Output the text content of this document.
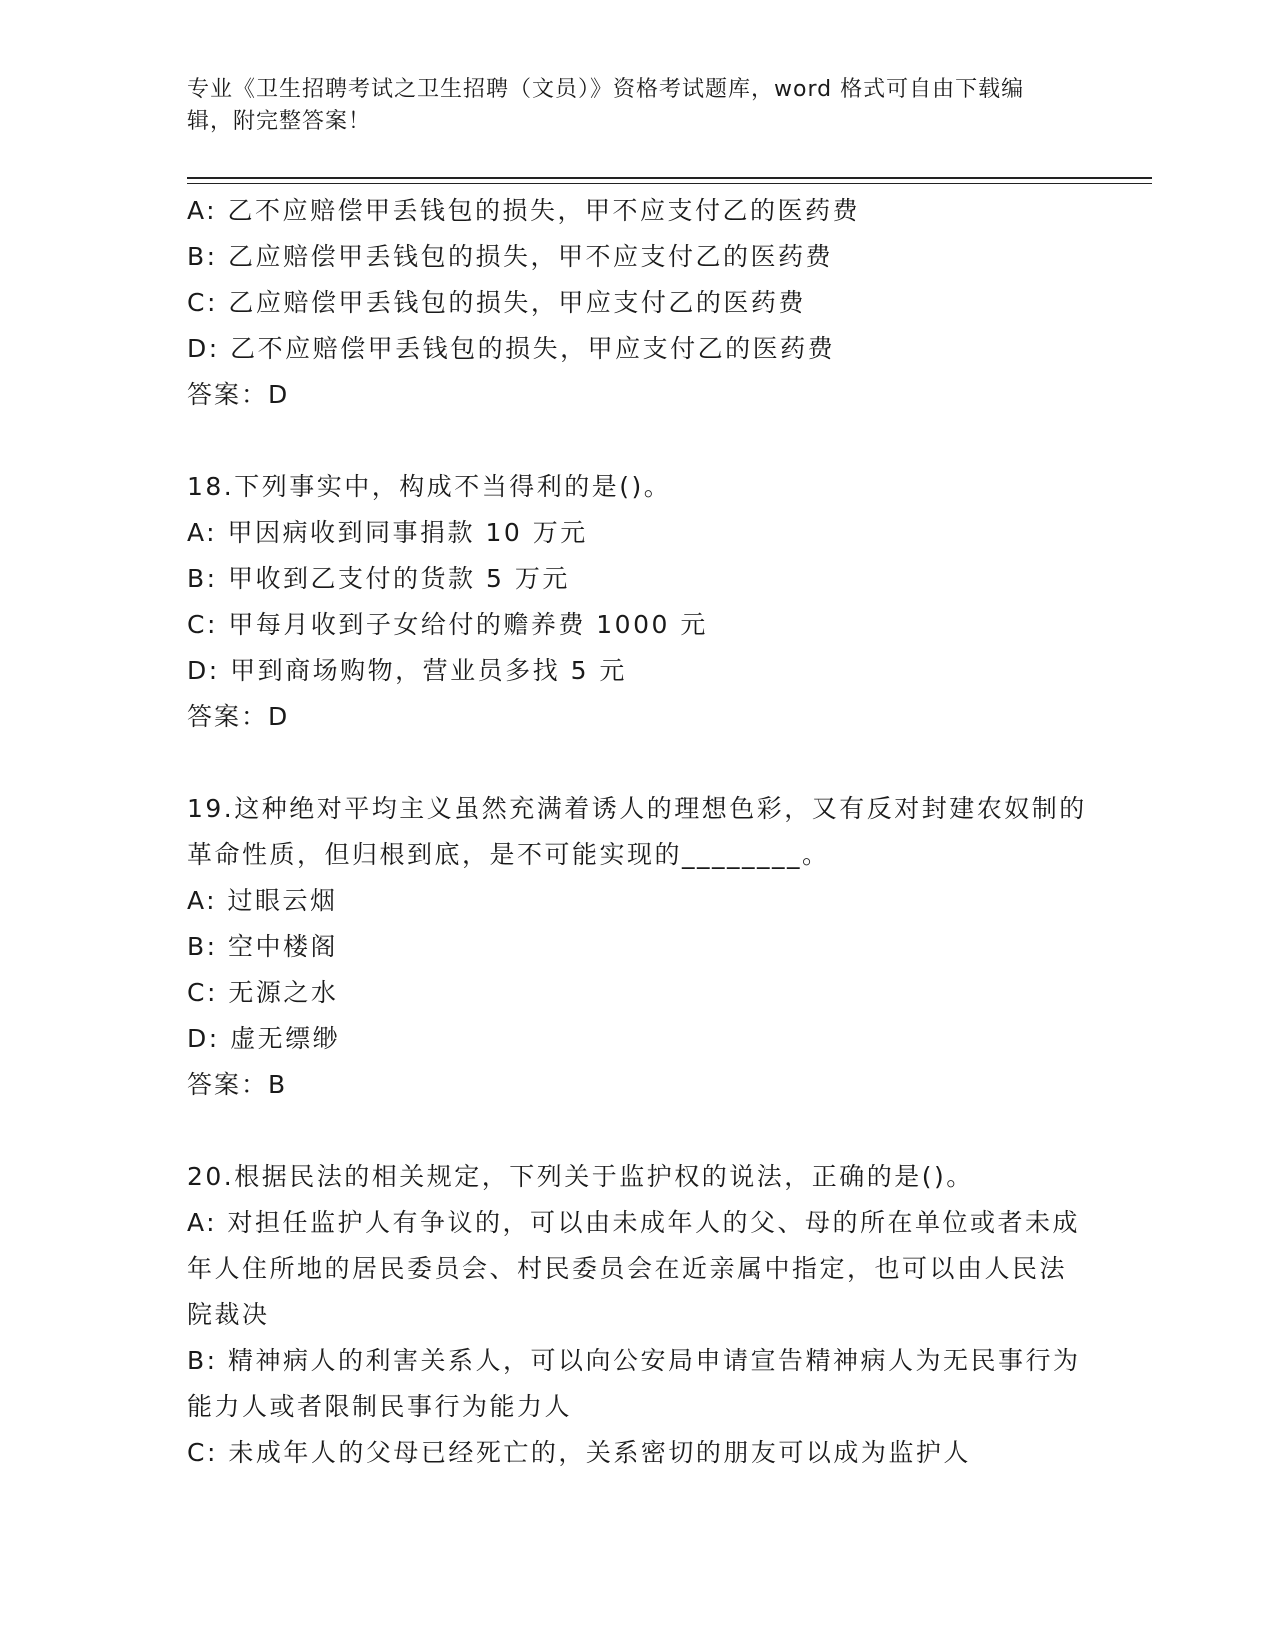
专业《卫生招聘考试之卫生招聘（文员）》资格考试题库，word 格式可自由下载编辑，附完整答案！
A: 乙不应赔偿甲丢钱包的损失，甲不应支付乙的医药费
B: 乙应赔偿甲丢钱包的损失，甲不应支付乙的医药费
C: 乙应赔偿甲丢钱包的损失，甲应支付乙的医药费
D: 乙不应赔偿甲丢钱包的损失，甲应支付乙的医药费
答案：D
18.下列事实中，构成不当得利的是()。
A: 甲因病收到同事捐款 10 万元
B: 甲收到乙支付的货款 5 万元
C: 甲每月收到子女给付的赡养费 1000 元
D: 甲到商场购物，营业员多找 5 元
答案：D
19.这种绝对平均主义虽然充满着诱人的理想色彩，又有反对封建农奴制的革命性质，但归根到底，是不可能实现的________。
A: 过眼云烟
B: 空中楼阁
C: 无源之水
D: 虚无缥缈
答案：B
20.根据民法的相关规定，下列关于监护权的说法，正确的是()。
A: 对担任监护人有争议的，可以由未成年人的父、母的所在单位或者未成年人住所地的居民委员会、村民委员会在近亲属中指定，也可以由人民法院裁决
B: 精神病人的利害关系人，可以向公安局申请宣告精神病人为无民事行为能力人或者限制民事行为能力人
C: 未成年人的父母已经死亡的，关系密切的朋友可以成为监护人
